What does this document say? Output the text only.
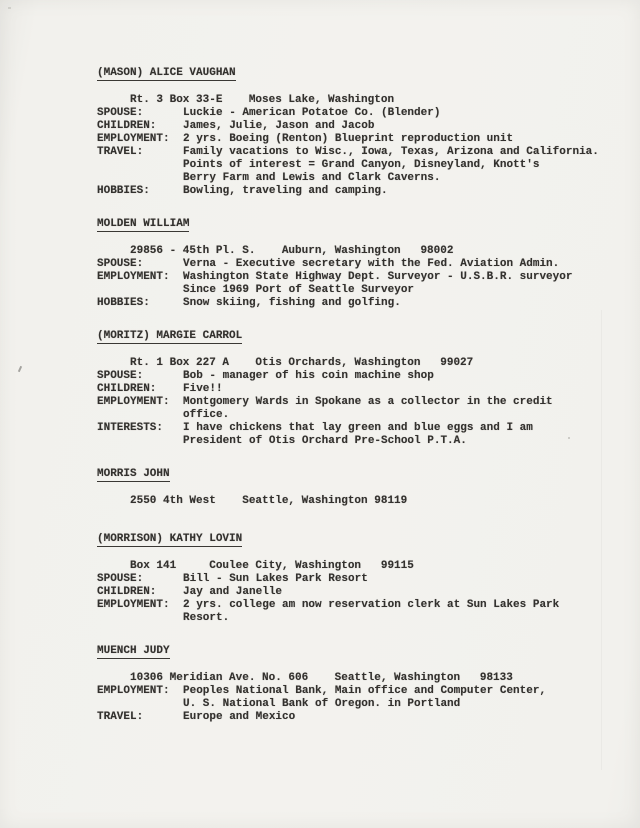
(MASON) ALICE VAUGHAN
Rt. 3 Box 33-E    Moses Lake, Washington
SPOUSE:	Luckie - American Potatoe Co. (Blender)
CHILDREN:	James, Julie, Jason and Jacob
EMPLOYMENT:	2 yrs. Boeing (Renton) Blueprint reproduction unit
TRAVEL:	Family vacations to Wisc., Iowa, Texas, Arizona and California.
Points of interest = Grand Canyon, Disneyland, Knott's
Berry Farm and Lewis and Clark Caverns.
HOBBIES:	Bowling, traveling and camping.
MOLDEN WILLIAM
29856 - 45th Pl. S.    Auburn, Washington   98002
SPOUSE:	Verna - Executive secretary with the Fed. Aviation Admin.
EMPLOYMENT:	Washington State Highway Dept. Surveyor - U.S.B.R. surveyor
Since 1969 Port of Seattle Surveyor
HOBBIES:	Snow skiing, fishing and golfing.
(MORITZ) MARGIE CARROL
Rt. 1 Box 227 A    Otis Orchards, Washington   99027
SPOUSE:	Bob - manager of his coin machine shop
CHILDREN:	Five!!
EMPLOYMENT:	Montgomery Wards in Spokane as a collector in the credit
office.
INTERESTS:	I have chickens that lay green and blue eggs and I am
President of Otis Orchard Pre-School P.T.A.
MORRIS JOHN
2550 4th West    Seattle, Washington 98119
(MORRISON) KATHY LOVIN
Box 141     Coulee City, Washington   99115
SPOUSE:	Bill - Sun Lakes Park Resort
CHILDREN:	Jay and Janelle
EMPLOYMENT:	2 yrs. college am now reservation clerk at Sun Lakes Park
Resort.
MUENCH JUDY
10306 Meridian Ave. No. 606    Seattle, Washington   98133
EMPLOYMENT:	Peoples National Bank, Main office and Computer Center,
U. S. National Bank of Oregon. in Portland
TRAVEL:	Europe and Mexico
